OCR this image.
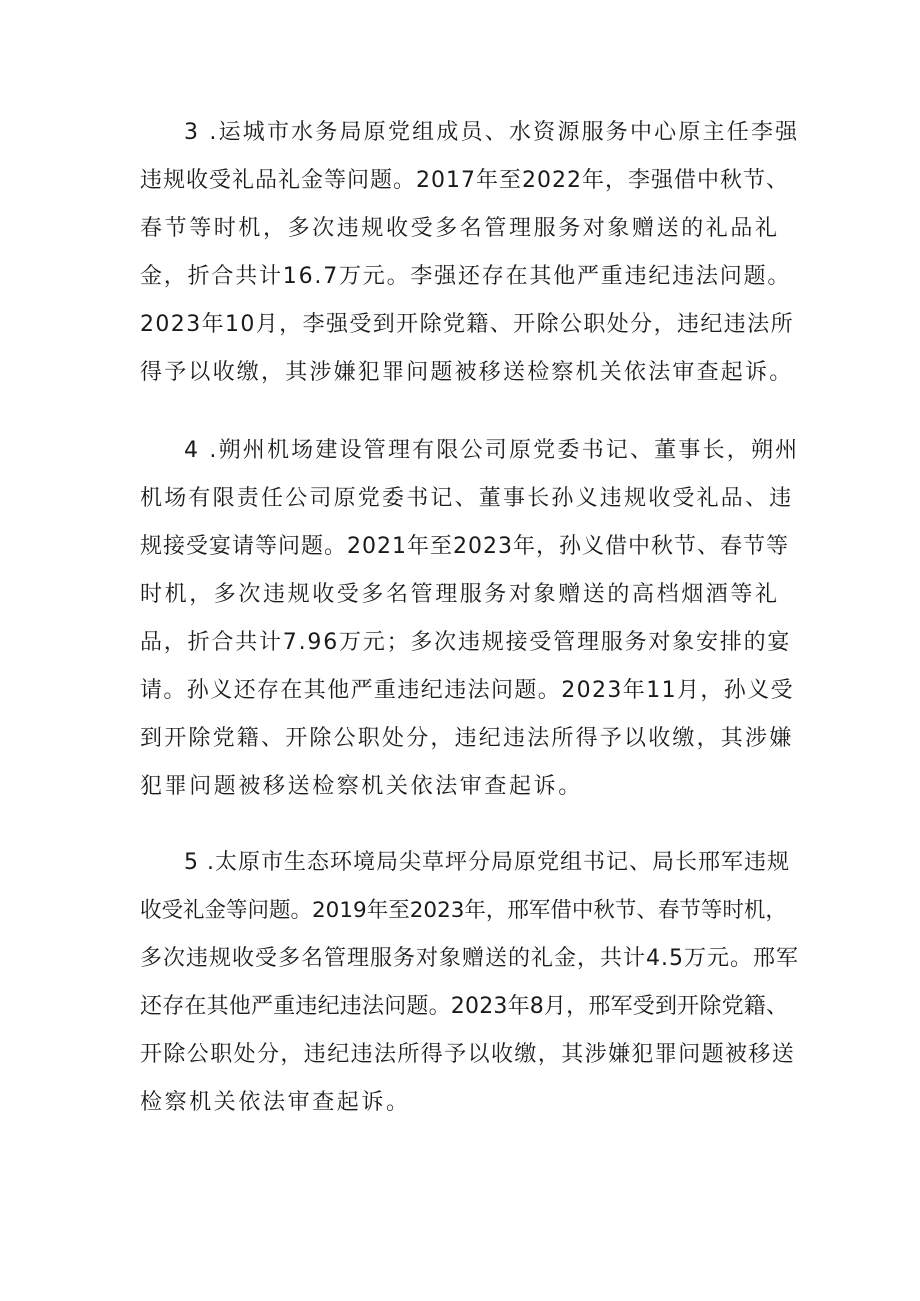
3 .运城市水务局原党组成员、水资源服务中心原主任李强
违规收受礼品礼金等问题。2017年至2022年，李强借中秋节、
春节等时机，多次违规收受多名管理服务对象赠送的礼品礼
金，折合共计16.7万元。李强还存在其他严重违纪违法问题。
2023年10月，李强受到开除党籍、开除公职处分，违纪违法所
得予以收缴，其涉嫌犯罪问题被移送检察机关依法审查起诉。
4 .朔州机场建设管理有限公司原党委书记、董事长，朔州
机场有限责任公司原党委书记、董事长孙义违规收受礼品、违
规接受宴请等问题。2021年至2023年，孙义借中秋节、春节等
时机，多次违规收受多名管理服务对象赠送的高档烟酒等礼
品，折合共计7.96万元；多次违规接受管理服务对象安排的宴
请。孙义还存在其他严重违纪违法问题。2023年11月，孙义受
到开除党籍、开除公职处分，违纪违法所得予以收缴，其涉嫌
犯罪问题被移送检察机关依法审查起诉。
5 .太原市生态环境局尖草坪分局原党组书记、局长邢军违规
收受礼金等问题。2019年至2023年，邢军借中秋节、春节等时机，
多次违规收受多名管理服务对象赠送的礼金，共计4.5万元。邢军
还存在其他严重违纪违法问题。2023年8月，邢军受到开除党籍、
开除公职处分，违纪违法所得予以收缴，其涉嫌犯罪问题被移送
检察机关依法审查起诉。
